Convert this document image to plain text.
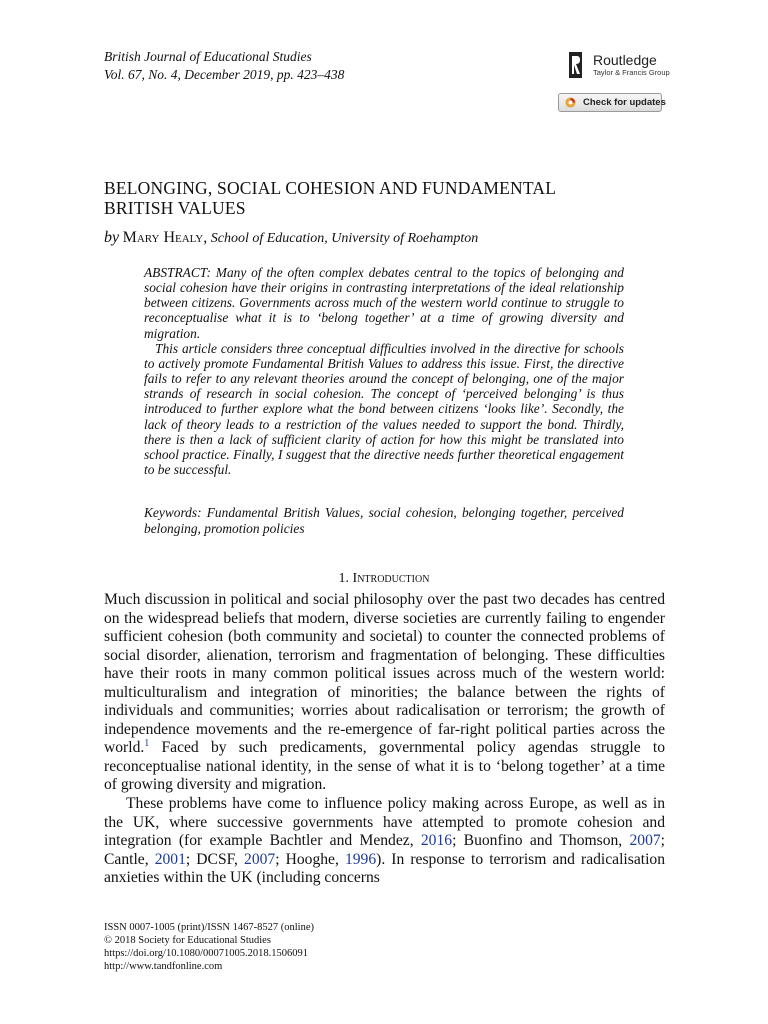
British Journal of Educational Studies
Vol. 67, No. 4, December 2019, pp. 423–438
Routledge
Taylor & Francis Group
Check for updates
BELONGING, SOCIAL COHESION AND FUNDAMENTAL
BRITISH VALUES
by Mary Healy, School of Education, University of Roehampton

ABSTRACT: Many of the often complex debates central to the topics of belonging and social cohesion have their origins in contrasting interpretations of the ideal relationship between citizens. Governments across much of the western world continue to struggle to reconceptualise what it is to ‘belong together’ at a time of growing diversity and migration.

This article considers three conceptual difficulties involved in the directive for schools to actively promote Fundamental British Values to address this issue. First, the directive fails to refer to any relevant theories around the concept of belonging, one of the major strands of research in social cohesion. The concept of ‘perceived belonging’ is thus introduced to further explore what the bond between citizens ‘looks like’. Secondly, the lack of theory leads to a restriction of the values needed to support the bond. Thirdly, there is then a lack of sufficient clarity of action for how this might be translated into school practice. Finally, I suggest that the directive needs further theoretical engagement to be successful.

Keywords: Fundamental British Values, social cohesion, belonging together, perceived belonging, promotion policies
1. Introduction

Much discussion in political and social philosophy over the past two decades has centred on the widespread beliefs that modern, diverse societies are currently failing to engender sufficient cohesion (both community and societal) to counter the connected problems of social disorder, alienation, terrorism and fragmentation of belonging. These difficulties have their roots in many common political issues across much of the western world: multiculturalism and integration of minorities; the balance between the rights of individuals and communities; worries about radicalisation or terrorism; the growth of independence movements and the re-emergence of far-right political parties across the world.$^1$ Faced by such predicaments, governmental policy agendas struggle to reconceptualise national identity, in the sense of what it is to ‘belong together’ at a time of growing diversity and migration.

These problems have come to influence policy making across Europe, as well as in the UK, where successive governments have attempted to promote cohesion and integration (for example Bachtler and Mendez, 2016; Buonfino and Thomson, 2007; Cantle, 2001; DCSF, 2007; Hooghe, 1996). In response to terrorism and radicalisation anxieties within the UK (including concerns

ISSN 0007-1005 (print)/ISSN 1467-8527 (online)
© 2018 Society for Educational Studies
https://doi.org/10.1080/00071005.2018.1506091
http://www.tandfonline.com
